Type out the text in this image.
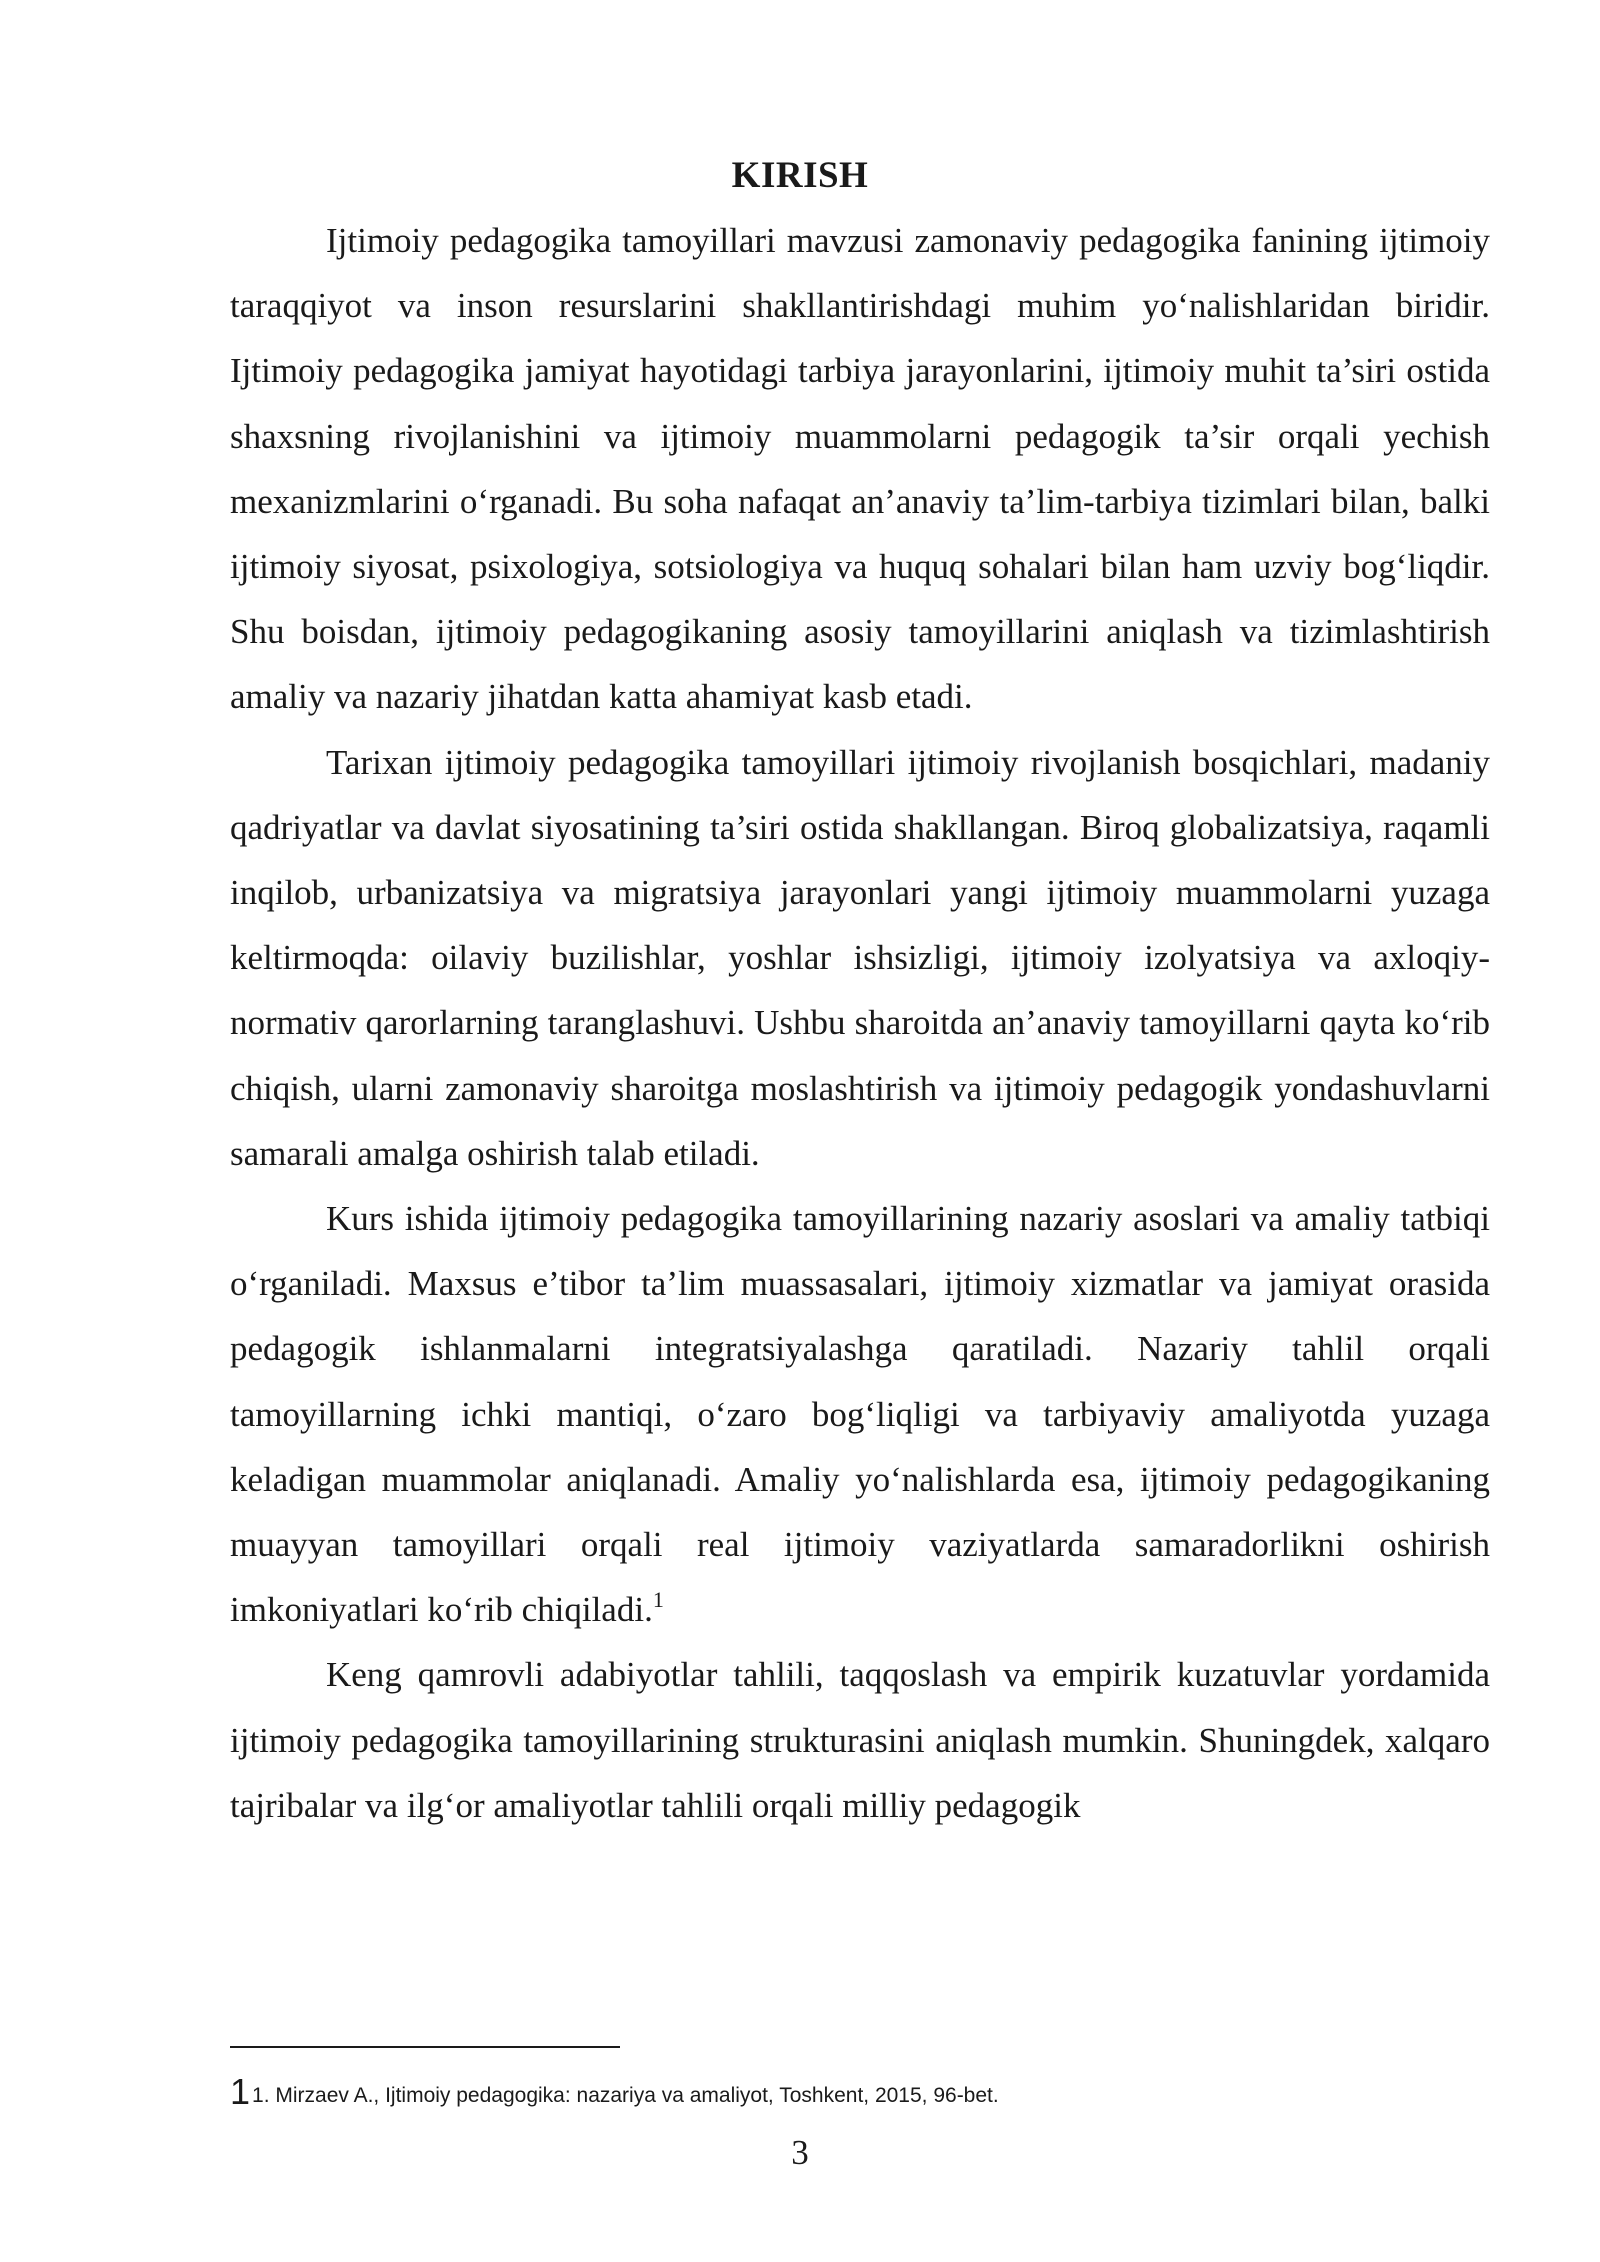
KIRISH

Ijtimoiy pedagogika tamoyillari mavzusi zamonaviy pedagogika fanining ijtimoiy taraqqiyot va inson resurslarini shakllantirishdagi muhim yo‘nalishlaridan biridir. Ijtimoiy pedagogika jamiyat hayotidagi tarbiya jarayonlarini, ijtimoiy muhit ta’siri ostida shaxsning rivojlanishini va ijtimoiy muammolarni pedagogik ta’sir orqali yechish mexanizmlarini o‘rganadi. Bu soha nafaqat an’anaviy ta’lim-tarbiya tizimlari bilan, balki ijtimoiy siyosat, psixologiya, sotsiologiya va huquq sohalari bilan ham uzviy bog‘liqdir. Shu boisdan, ijtimoiy pedagogikaning asosiy tamoyillarini aniqlash va tizimlashtirish amaliy va nazariy jihatdan katta ahamiyat kasb etadi.

Tarixan ijtimoiy pedagogika tamoyillari ijtimoiy rivojlanish bosqichlari, madaniy qadriyatlar va davlat siyosatining ta’siri ostida shakllangan. Biroq globalizatsiya, raqamli inqilob, urbanizatsiya va migratsiya jarayonlari yangi ijtimoiy muammolarni yuzaga keltirmoqda: oilaviy buzilishlar, yoshlar ishsizligi, ijtimoiy izolyatsiya va axloqiy-normativ qarorlarning taranglashuvi. Ushbu sharoitda an’anaviy tamoyillarni qayta ko‘rib chiqish, ularni zamonaviy sharoitga moslashtirish va ijtimoiy pedagogik yondashuvlarni samarali amalga oshirish talab etiladi.

Kurs ishida ijtimoiy pedagogika tamoyillarining nazariy asoslari va amaliy tatbiqi o‘rganiladi. Maxsus e’tibor ta’lim muassasalari, ijtimoiy xizmatlar va jamiyat orasida pedagogik ishlanmalarni integratsiyalashga qaratiladi. Nazariy tahlil orqali tamoyillarning ichki mantiqi, o‘zaro bog‘liqligi va tarbiyaviy amaliyotda yuzaga keladigan muammolar aniqlanadi. Amaliy yo‘nalishlarda esa, ijtimoiy pedagogikaning muayyan tamoyillari orqali real ijtimoiy vaziyatlarda samaradorlikni oshirish imkoniyatlari ko‘rib chiqiladi.$^1$

Keng qamrovli adabiyotlar tahlili, taqqoslash va empirik kuzatuvlar yordamida ijtimoiy pedagogika tamoyillarining strukturasini aniqlash mumkin. Shuningdek, xalqaro tajribalar va ilg‘or amaliyotlar tahlili orqali milliy pedagogik

11. Mirzaev A., Ijtimoiy pedagogika: nazariya va amaliyot, Toshkent, 2015, 96-bet.
3
